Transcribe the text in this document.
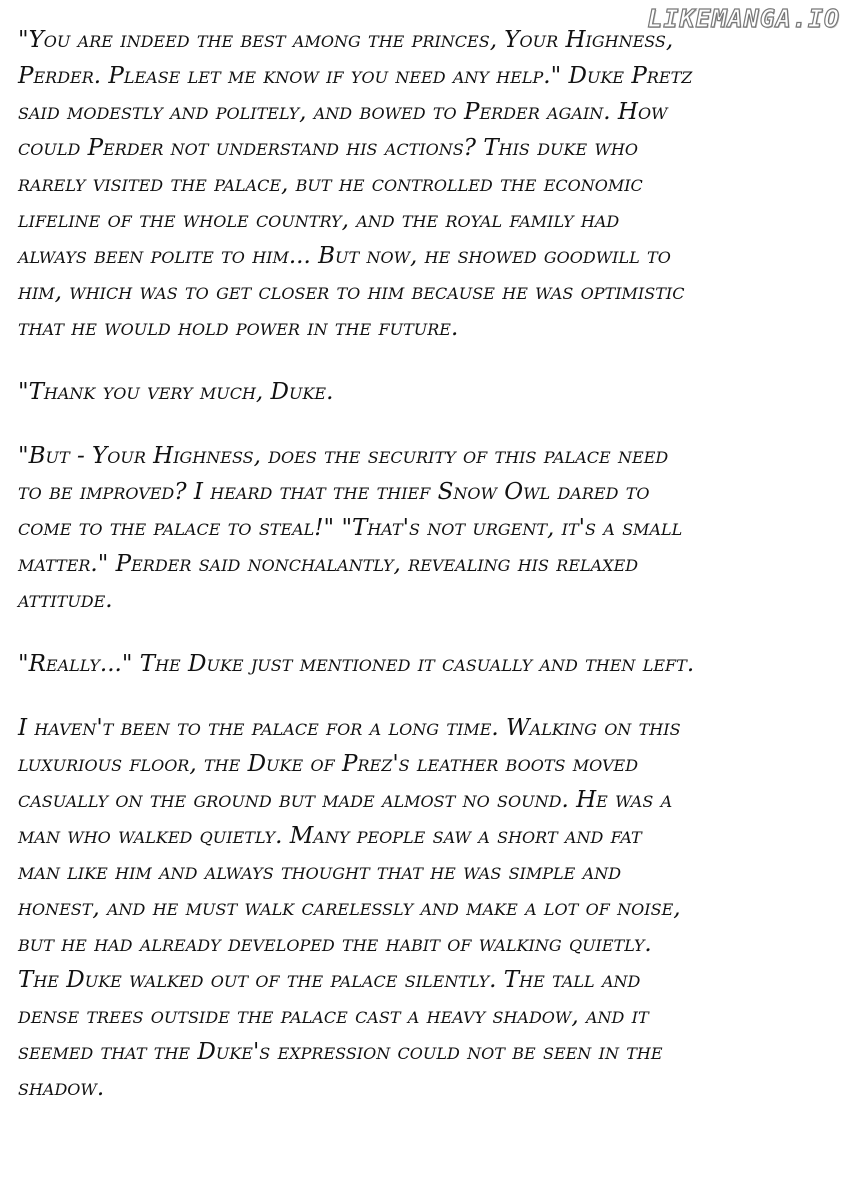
LIKEMANGA.IO

"You are indeed the best among the princes, Your Highness,
Perder. Please let me know if you need any help." Duke Pretz
said modestly and politely, and bowed to Perder again. How
could Perder not understand his actions? This duke who
rarely visited the palace, but he controlled the economic
lifeline of the whole country, and the royal family had
always been polite to him... But now, he showed goodwill to
him, which was to get closer to him because he was optimistic
that he would hold power in the future.

"Thank you very much, Duke.

"But - Your Highness, does the security of this palace need
to be improved? I heard that the thief Snow Owl dared to
come to the palace to steal!" "That's not urgent, it's a small
matter." Perder said nonchalantly, revealing his relaxed
attitude.

"Really..." The Duke just mentioned it casually and then left.

I haven't been to the palace for a long time. Walking on this
luxurious floor, the Duke of Prez's leather boots moved
casually on the ground but made almost no sound. He was a
man who walked quietly. Many people saw a short and fat
man like him and always thought that he was simple and
honest, and he must walk carelessly and make a lot of noise,
but he had already developed the habit of walking quietly.
The Duke walked out of the palace silently. The tall and
dense trees outside the palace cast a heavy shadow, and it
seemed that the Duke's expression could not be seen in the
shadow.
